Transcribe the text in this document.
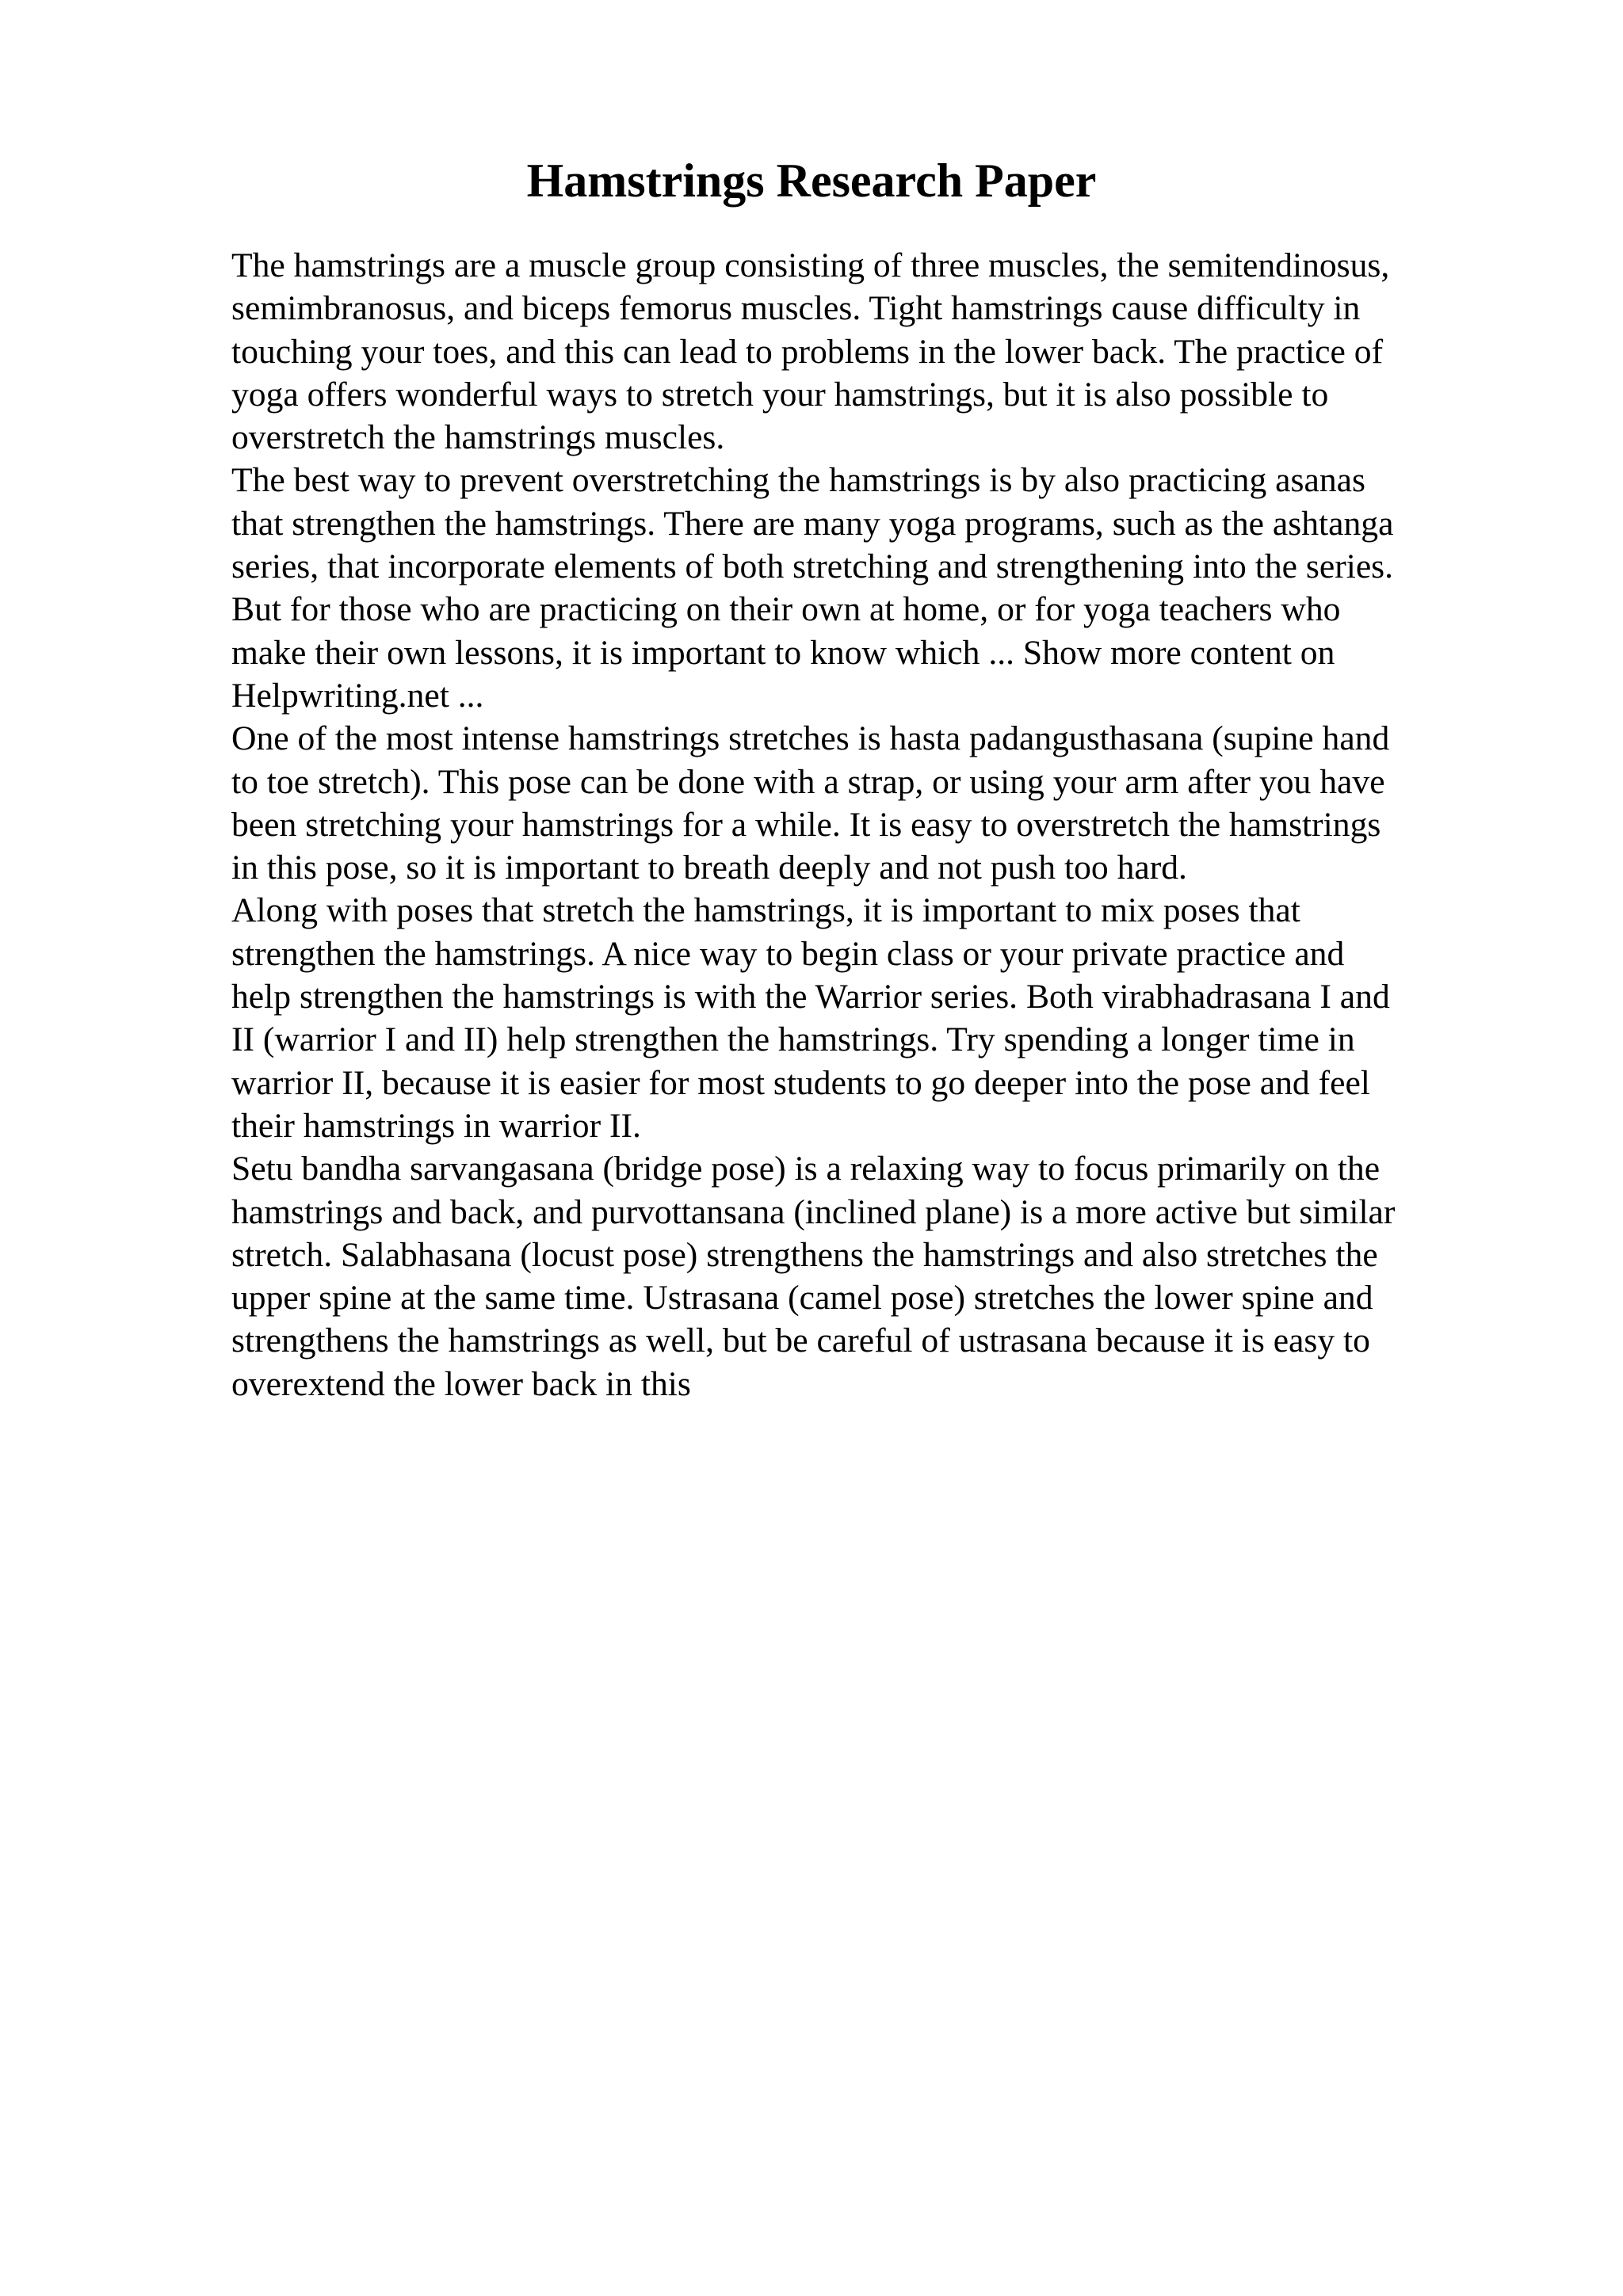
Hamstrings Research Paper

The hamstrings are a muscle group consisting of three muscles, the semitendinosus,
semimbranosus, and biceps femorus muscles. Tight hamstrings cause difficulty in
touching your toes, and this can lead to problems in the lower back. The practice of
yoga offers wonderful ways to stretch your hamstrings, but it is also possible to
overstretch the hamstrings muscles.

The best way to prevent overstretching the hamstrings is by also practicing asanas
that strengthen the hamstrings. There are many yoga programs, such as the ashtanga
series, that incorporate elements of both stretching and strengthening into the series.
But for those who are practicing on their own at home, or for yoga teachers who
make their own lessons, it is important to know which ... Show more content on
Helpwriting.net ...

One of the most intense hamstrings stretches is hasta padangusthasana (supine hand
to toe stretch). This pose can be done with a strap, or using your arm after you have
been stretching your hamstrings for a while. It is easy to overstretch the hamstrings
in this pose, so it is important to breath deeply and not push too hard.

Along with poses that stretch the hamstrings, it is important to mix poses that
strengthen the hamstrings. A nice way to begin class or your private practice and
help strengthen the hamstrings is with the Warrior series. Both virabhadrasana I and
II (warrior I and II) help strengthen the hamstrings. Try spending a longer time in
warrior II, because it is easier for most students to go deeper into the pose and feel
their hamstrings in warrior II.

Setu bandha sarvangasana (bridge pose) is a relaxing way to focus primarily on the
hamstrings and back, and purvottansana (inclined plane) is a more active but similar
stretch. Salabhasana (locust pose) strengthens the hamstrings and also stretches the
upper spine at the same time. Ustrasana (camel pose) stretches the lower spine and
strengthens the hamstrings as well, but be careful of ustrasana because it is easy to
overextend the lower back in this
